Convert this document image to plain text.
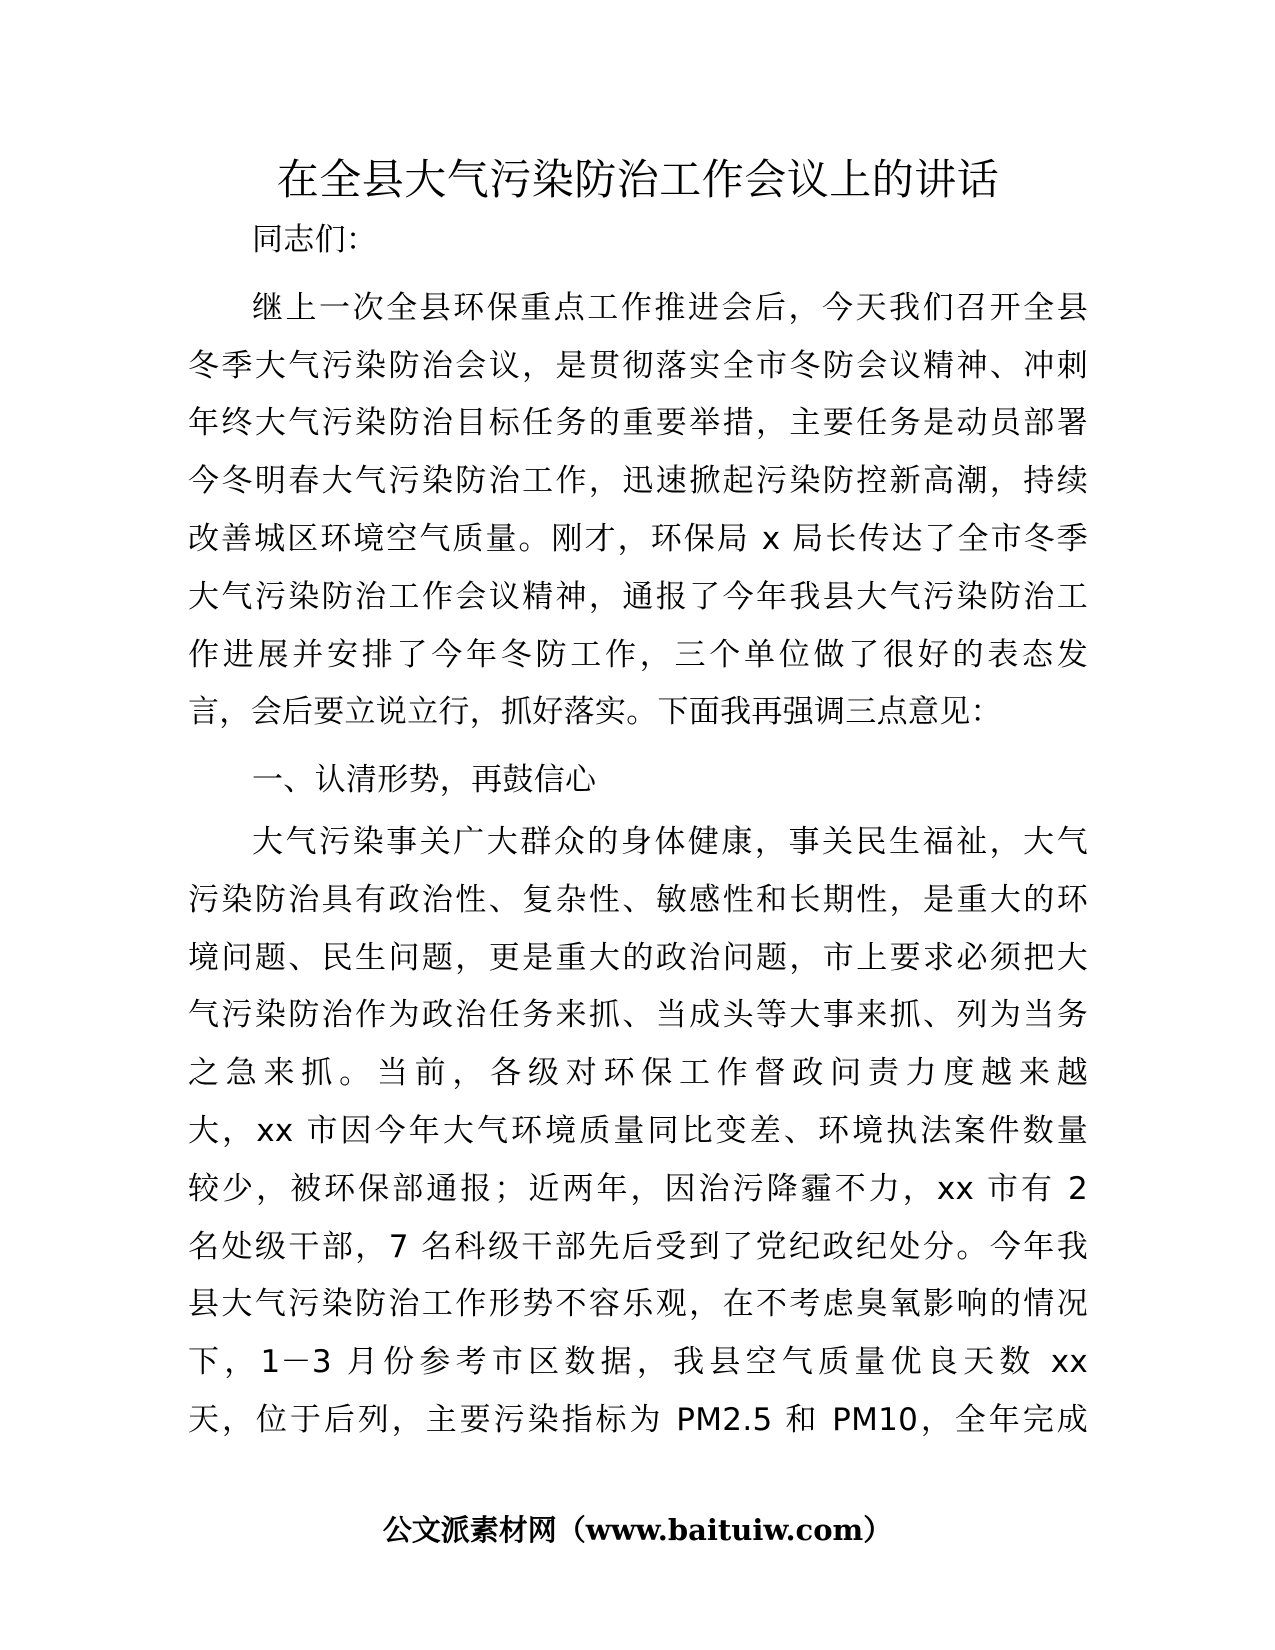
在全县大气污染防治工作会议上的讲话
同志们：
继上一次全县环保重点工作推进会后，今天我们召开全县
冬季大气污染防治会议，是贯彻落实全市冬防会议精神、冲刺
年终大气污染防治目标任务的重要举措，主要任务是动员部署
今冬明春大气污染防治工作，迅速掀起污染防控新高潮，持续
改善城区环境空气质量。刚才，环保局 x 局长传达了全市冬季
大气污染防治工作会议精神，通报了今年我县大气污染防治工
作进展并安排了今年冬防工作，三个单位做了很好的表态发
言，会后要立说立行，抓好落实。下面我再强调三点意见：
一、认清形势，再鼓信心
大气污染事关广大群众的身体健康，事关民生福祉，大气
污染防治具有政治性、复杂性、敏感性和长期性，是重大的环
境问题、民生问题，更是重大的政治问题，市上要求必须把大
气污染防治作为政治任务来抓、当成头等大事来抓、列为当务
之急来抓。当前，各级对环保工作督政问责力度越来越
大，xx 市因今年大气环境质量同比变差、环境执法案件数量
较少，被环保部通报；近两年，因治污降霾不力，xx 市有 2
名处级干部，7 名科级干部先后受到了党纪政纪处分。今年我
县大气污染防治工作形势不容乐观，在不考虑臭氧影响的情况
下，1－3 月份参考市区数据，我县空气质量优良天数 xx
天，位于后列，主要污染指标为 PM2.5 和 PM10，全年完成
公文派素材网（www.baituiw.com）
